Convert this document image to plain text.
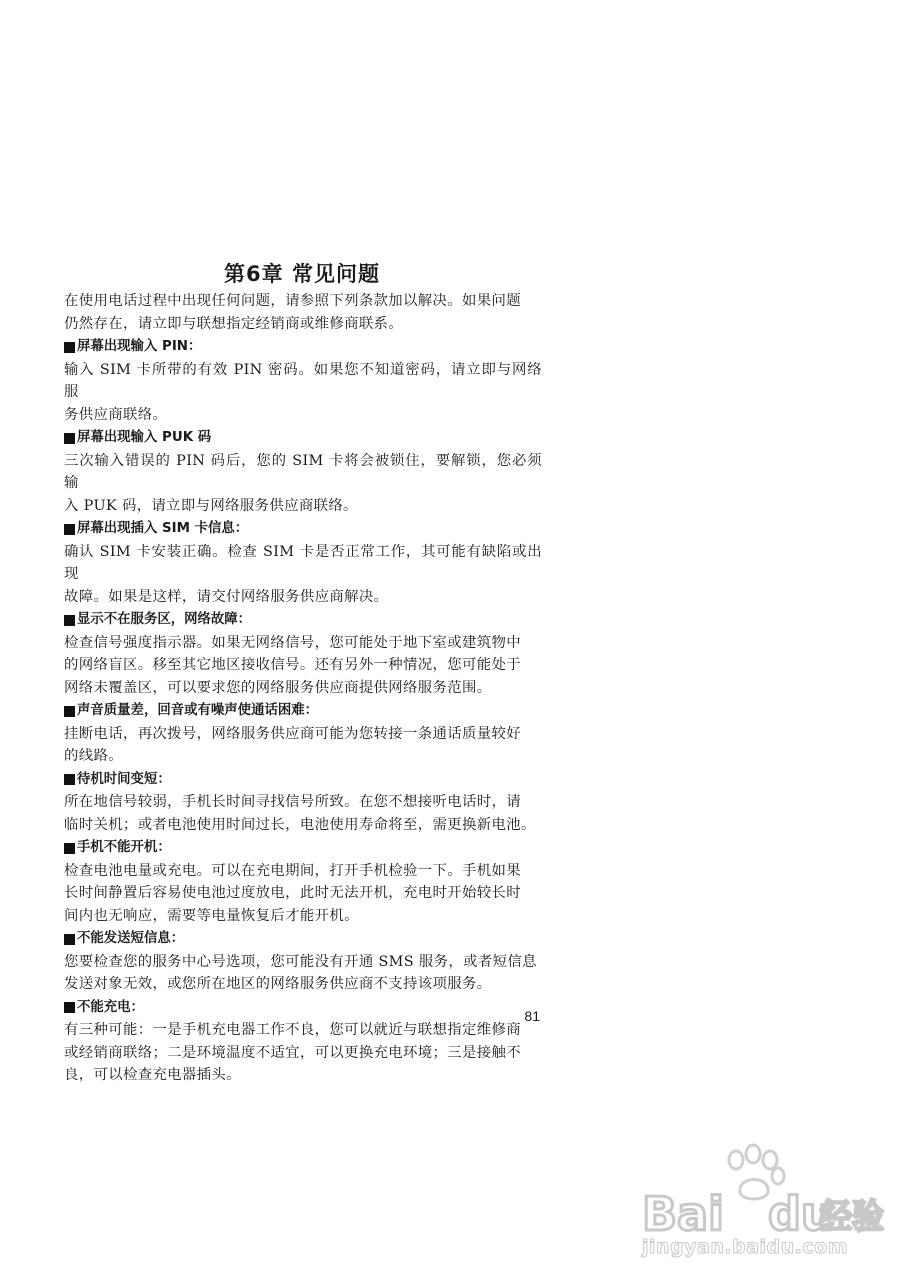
第6章 常见问题

在使用电话过程中出现任何问题，请参照下列条款加以解决。如果问题
仍然存在，请立即与联想指定经销商或维修商联系。

屏幕出现输入 PIN：

输入 SIM 卡所带的有效 PIN 密码。如果您不知道密码，请立即与网络服
务供应商联络。

屏幕出现输入 PUK 码

三次输入错误的 PIN 码后，您的 SIM 卡将会被锁住，要解锁，您必须输
入 PUK 码，请立即与网络服务供应商联络。

屏幕出现插入 SIM 卡信息：

确认 SIM 卡安装正确。检查 SIM 卡是否正常工作，其可能有缺陷或出现
故障。如果是这样，请交付网络服务供应商解决。

显示不在服务区，网络故障：

检查信号强度指示器。如果无网络信号，您可能处于地下室或建筑物中
的网络盲区。移至其它地区接收信号。还有另外一种情况，您可能处于
网络未覆盖区，可以要求您的网络服务供应商提供网络服务范围。

声音质量差，回音或有噪声使通话困难：

挂断电话，再次拨号，网络服务供应商可能为您转接一条通话质量较好
的线路。

待机时间变短：

所在地信号较弱，手机长时间寻找信号所致。在您不想接听电话时，请
临时关机；或者电池使用时间过长，电池使用寿命将至，需更换新电池。

手机不能开机：

检查电池电量或充电。可以在充电期间，打开手机检验一下。手机如果
长时间静置后容易使电池过度放电，此时无法开机，充电时开始较长时
间内也无响应，需要等电量恢复后才能开机。

不能发送短信息：

您要检查您的服务中心号选项，您可能没有开通 SMS 服务，或者短信息
发送对象无效，或您所在地区的网络服务供应商不支持该项服务。

不能充电：

有三种可能：一是手机充电器工作不良，您可以就近与联想指定维修商
或经销商联络；二是环境温度不适宜，可以更换充电环境；三是接触不
良，可以检查充电器插头。

81

Bai du
经验

jingyan.baidu.com
